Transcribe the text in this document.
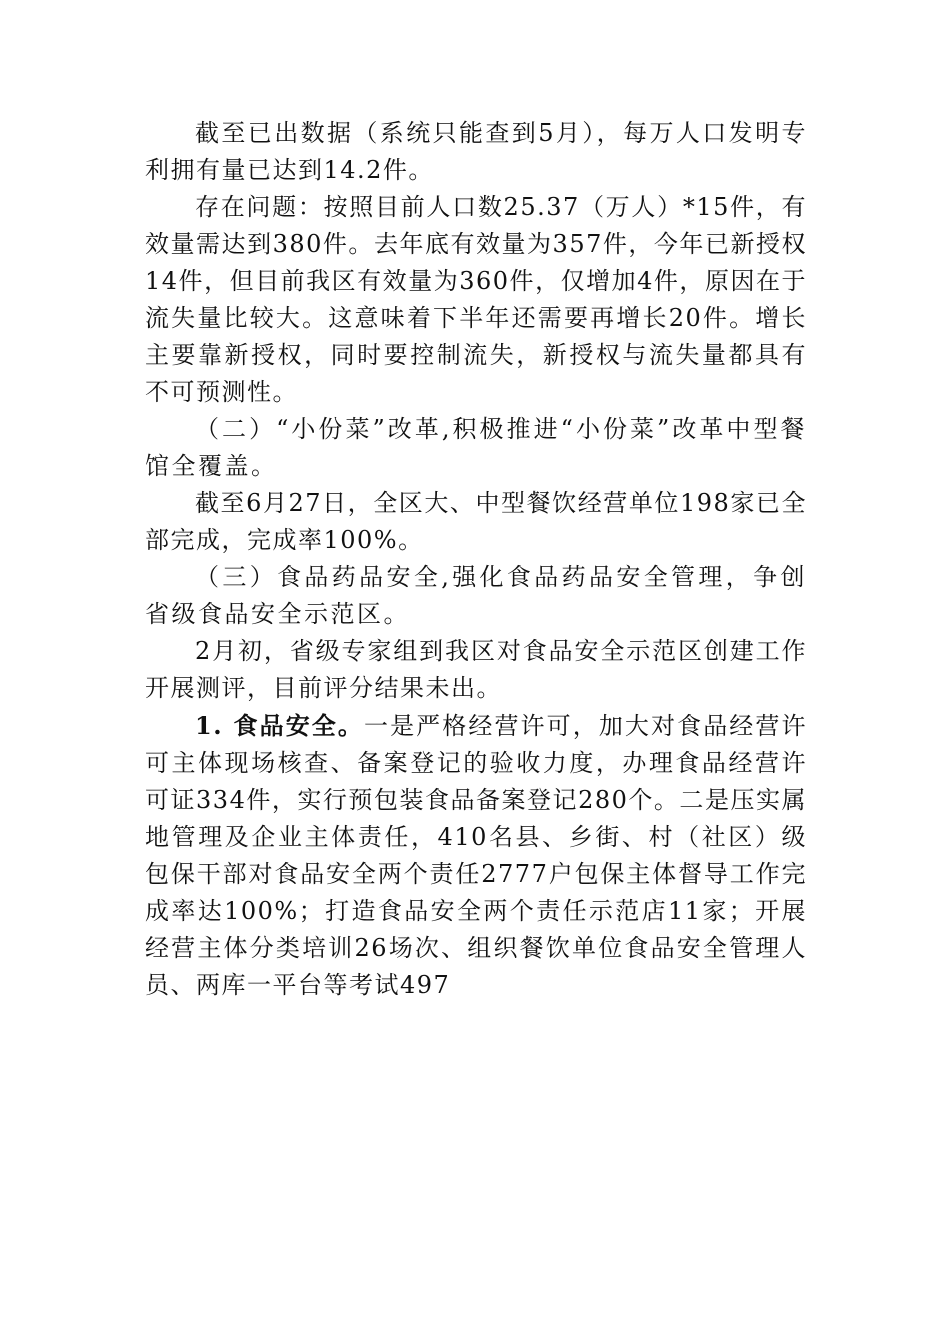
截至已出数据（系统只能查到5月），每万人口发明专利拥有量已达到14.2件。

存在问题：按照目前人口数25.37（万人）*15件，有效量需达到380件。去年底有效量为357件，今年已新授权14件，但目前我区有效量为360件，仅增加4件，原因在于流失量比较大。这意味着下半年还需要再增长20件。增长主要靠新授权，同时要控制流失，新授权与流失量都具有不可预测性。

（二）“小份菜”改革,积极推进“小份菜”改革中型餐馆全覆盖。

截至6月27日，全区大、中型餐饮经营单位198家已全部完成，完成率100%。

（三）食品药品安全,强化食品药品安全管理，争创省级食品安全示范区。

2月初，省级专家组到我区对食品安全示范区创建工作开展测评，目前评分结果未出。

1. 食品安全。一是严格经营许可，加大对食品经营许可主体现场核查、备案登记的验收力度，办理食品经营许可证334件，实行预包装食品备案登记280个。二是压实属地管理及企业主体责任，410名县、乡街、村（社区）级包保干部对食品安全两个责任2777户包保主体督导工作完成率达100%；打造食品安全两个责任示范店11家；开展经营主体分类培训26场次、组织餐饮单位食品安全管理人员、两库一平台等考试497
